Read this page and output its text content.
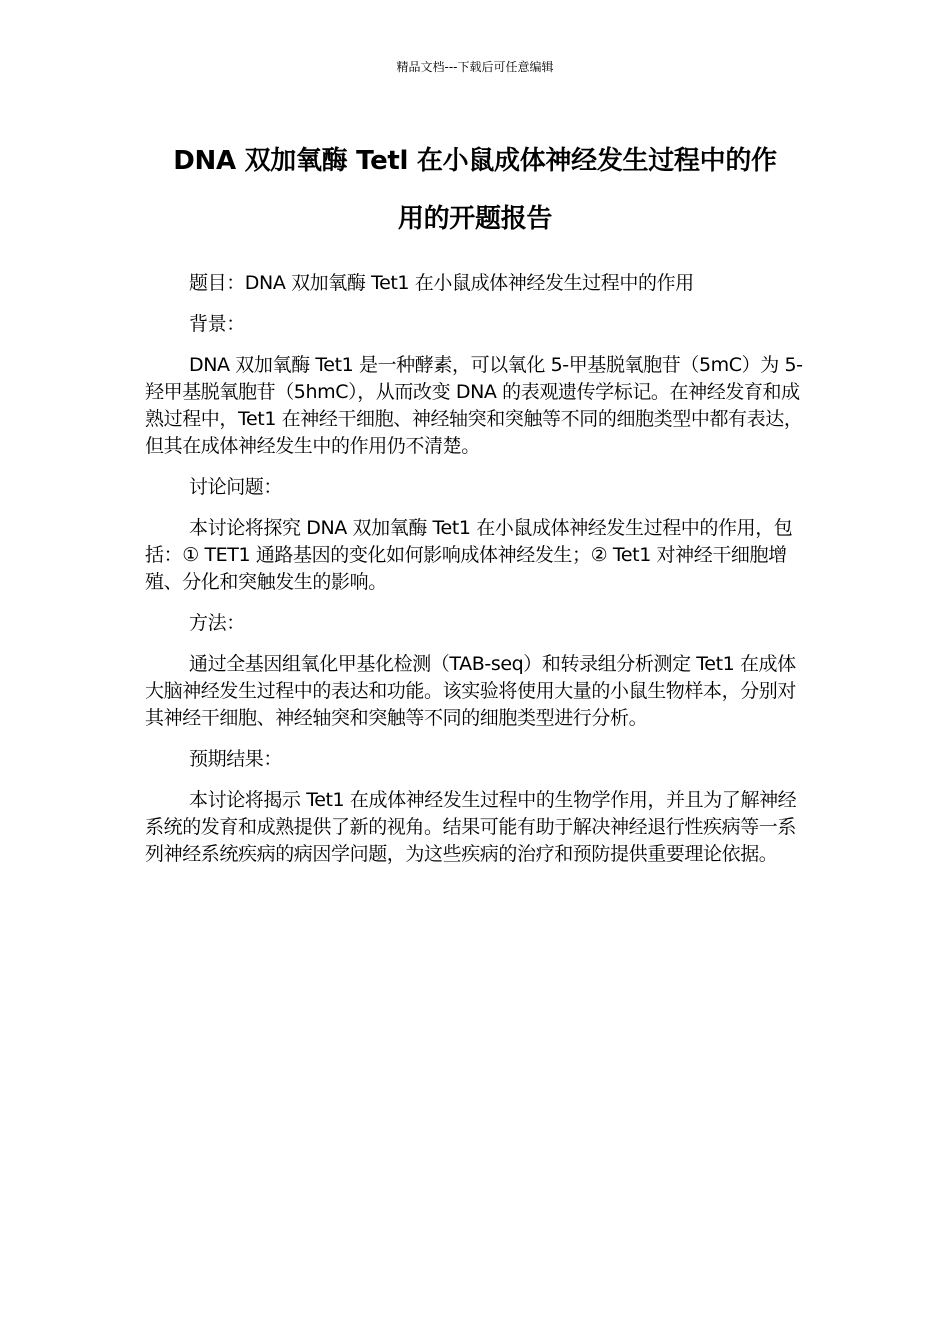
精品文档---下载后可任意编辑
DNA 双加氧酶 Tetl 在小鼠成体神经发生过程中的作
用的开题报告

题目：DNA 双加氧酶 Tet1 在小鼠成体神经发生过程中的作用

背景：

DNA 双加氧酶 Tet1 是一种酵素，可以氧化 5-甲基脱氧胞苷（5mC）为 5-羟甲基脱氧胞苷（5hmC），从而改变 DNA 的表观遗传学标记。在神经发育和成熟过程中，Tet1 在神经干细胞、神经轴突和突触等不同的细胞类型中都有表达，但其在成体神经发生中的作用仍不清楚。

讨论问题：

本讨论将探究 DNA 双加氧酶 Tet1 在小鼠成体神经发生过程中的作用，包括：① TET1 通路基因的变化如何影响成体神经发生；② Tet1 对神经干细胞增殖、分化和突触发生的影响。

方法：

通过全基因组氧化甲基化检测（TAB-seq）和转录组分析测定 Tet1 在成体大脑神经发生过程中的表达和功能。该实验将使用大量的小鼠生物样本，分别对其神经干细胞、神经轴突和突触等不同的细胞类型进行分析。

预期结果：

本讨论将揭示 Tet1 在成体神经发生过程中的生物学作用，并且为了解神经系统的发育和成熟提供了新的视角。结果可能有助于解决神经退行性疾病等一系列神经系统疾病的病因学问题，为这些疾病的治疗和预防提供重要理论依据。
